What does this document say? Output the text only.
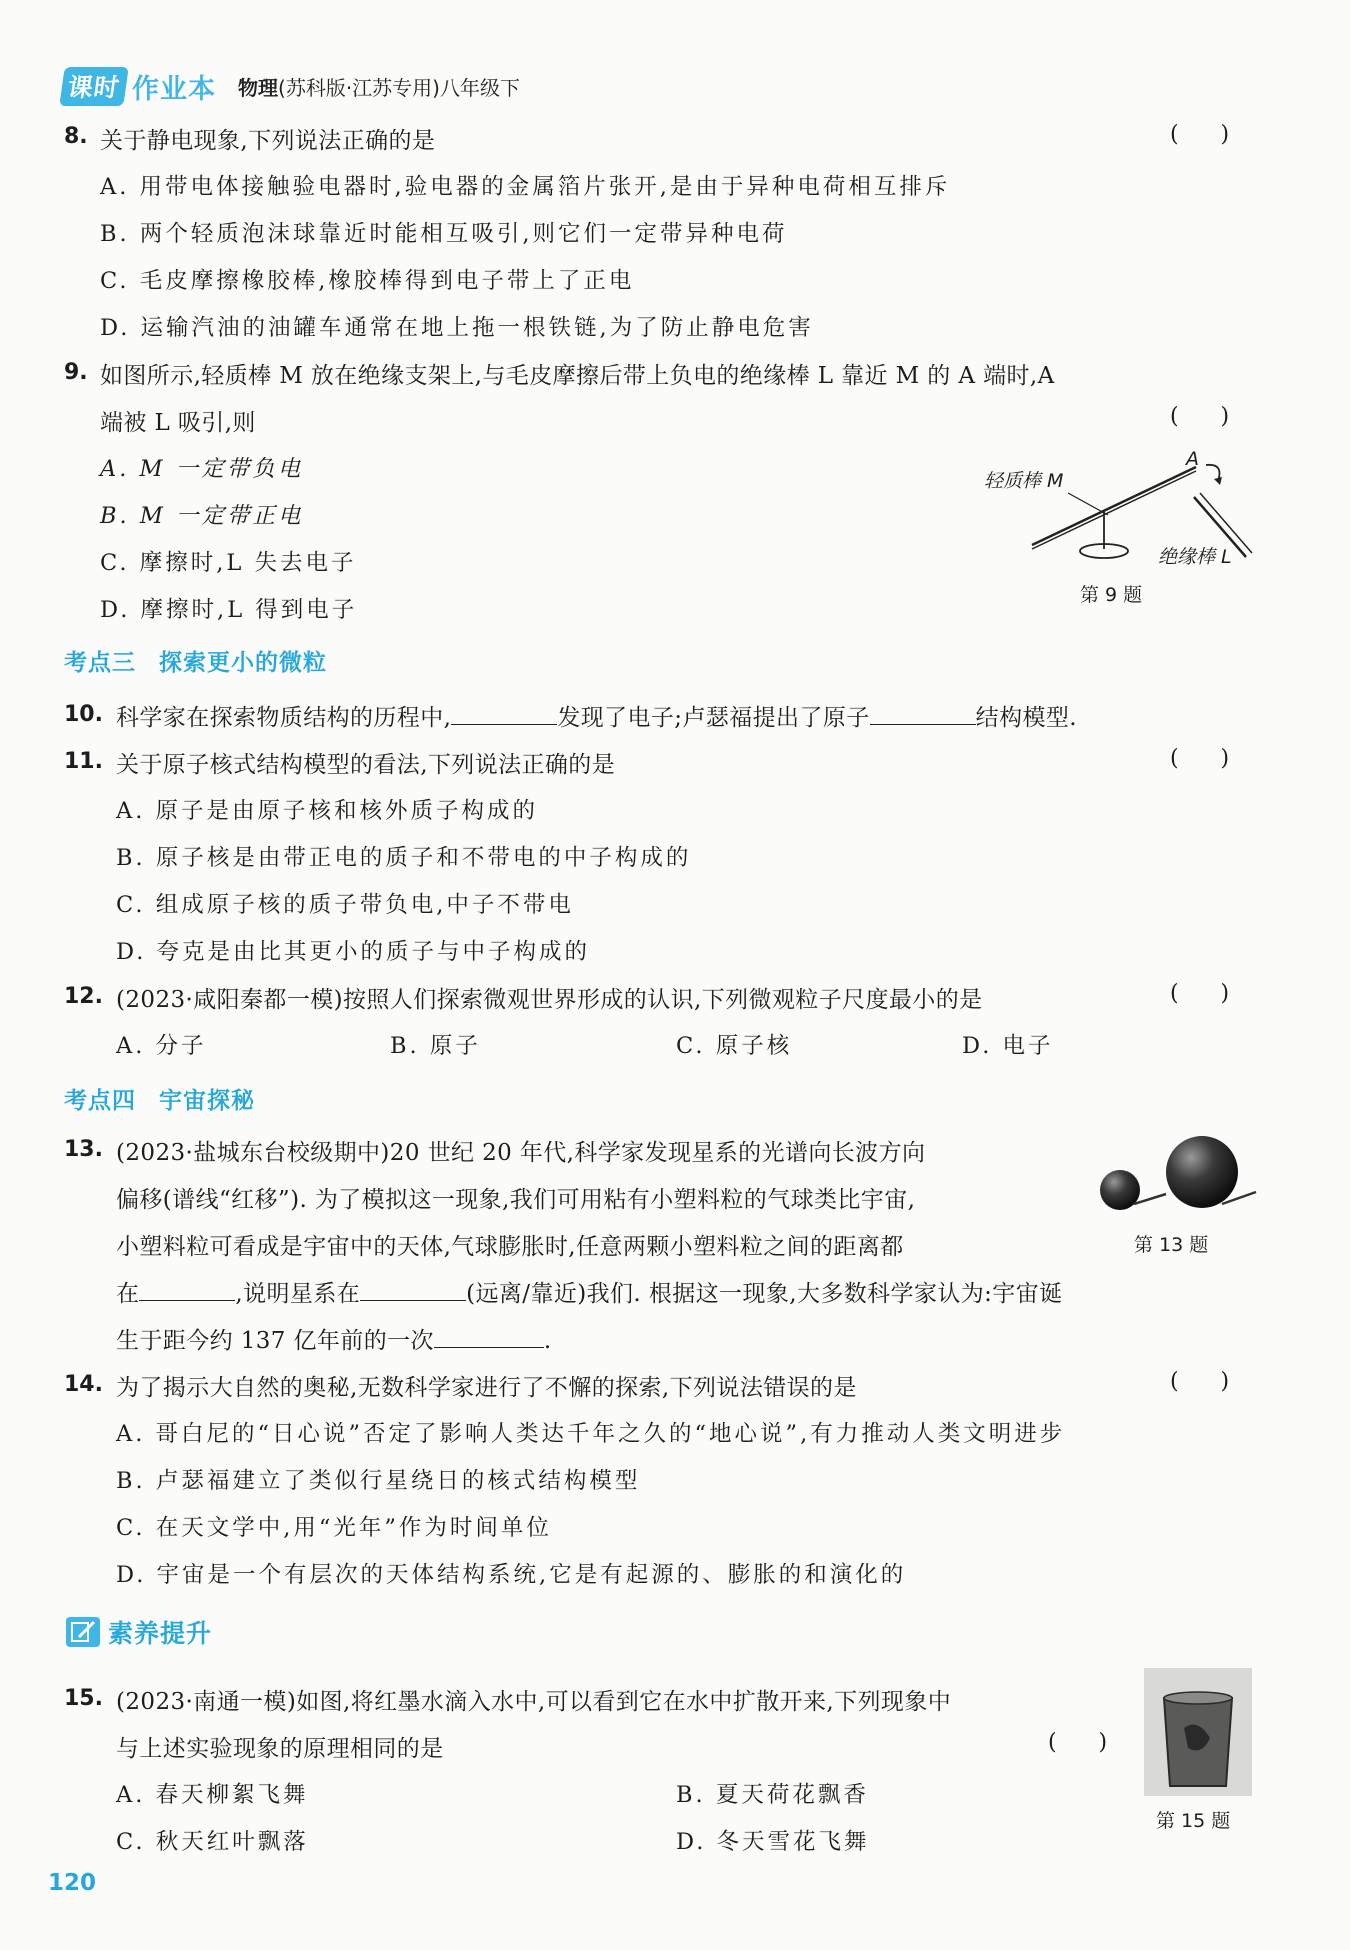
课时 作业本 物理(苏科版·江苏专用)八年级下
8. 关于静电现象,下列说法正确的是	(      )
A. 用带电体接触验电器时,验电器的金属箔片张开,是由于异种电荷相互排斥
B. 两个轻质泡沫球靠近时能相互吸引,则它们一定带异种电荷
C. 毛皮摩擦橡胶棒,橡胶棒得到电子带上了正电
D. 运输汽油的油罐车通常在地上拖一根铁链,为了防止静电危害
9. 如图所示,轻质棒 M 放在绝缘支架上,与毛皮摩擦后带上负电的绝缘棒 L 靠近 M 的 A 端时,A
端被 L 吸引,则	(      )
A. M 一定带负电
B. M 一定带正电
C. 摩擦时,L 失去电子
D. 摩擦时,L 得到电子
轻质棒 M
A
绝缘棒 L
第 9 题
考点三 探索更小的微粒
10. 科学家在探索物质结构的历程中,	发现了电子;卢瑟福提出了原子	结构模型.
11. 关于原子核式结构模型的看法,下列说法正确的是	(      )
A. 原子是由原子核和核外质子构成的
B. 原子核是由带正电的质子和不带电的中子构成的
C. 组成原子核的质子带负电,中子不带电
D. 夸克是由比其更小的质子与中子构成的
12. (2023·咸阳秦都一模)按照人们探索微观世界形成的认识,下列微观粒子尺度最小的是	(      )
A. 分子	B. 原子	C. 原子核	D. 电子
考点四 宇宙探秘
13. (2023·盐城东台校级期中)20 世纪 20 年代,科学家发现星系的光谱向长波方向
偏移(谱线“红移”). 为了模拟这一现象,我们可用粘有小塑料粒的气球类比宇宙,
小塑料粒可看成是宇宙中的天体,气球膨胀时,任意两颗小塑料粒之间的距离都
在	,说明星系在	(远离/靠近)我们. 根据这一现象,大多数科学家认为:宇宙诞
生于距今约 137 亿年前的一次	.
第 13 题
14. 为了揭示大自然的奥秘,无数科学家进行了不懈的探索,下列说法错误的是	(      )
A. 哥白尼的“日心说”否定了影响人类达千年之久的“地心说”,有力推动人类文明进步
B. 卢瑟福建立了类似行星绕日的核式结构模型
C. 在天文学中,用“光年”作为时间单位
D. 宇宙是一个有层次的天体结构系统,它是有起源的、膨胀的和演化的
素养提升
15. (2023·南通一模)如图,将红墨水滴入水中,可以看到它在水中扩散开来,下列现象中
与上述实验现象的原理相同的是	(      )
A. 春天柳絮飞舞	B. 夏天荷花飘香
C. 秋天红叶飘落	D. 冬天雪花飞舞
第 15 题
120
